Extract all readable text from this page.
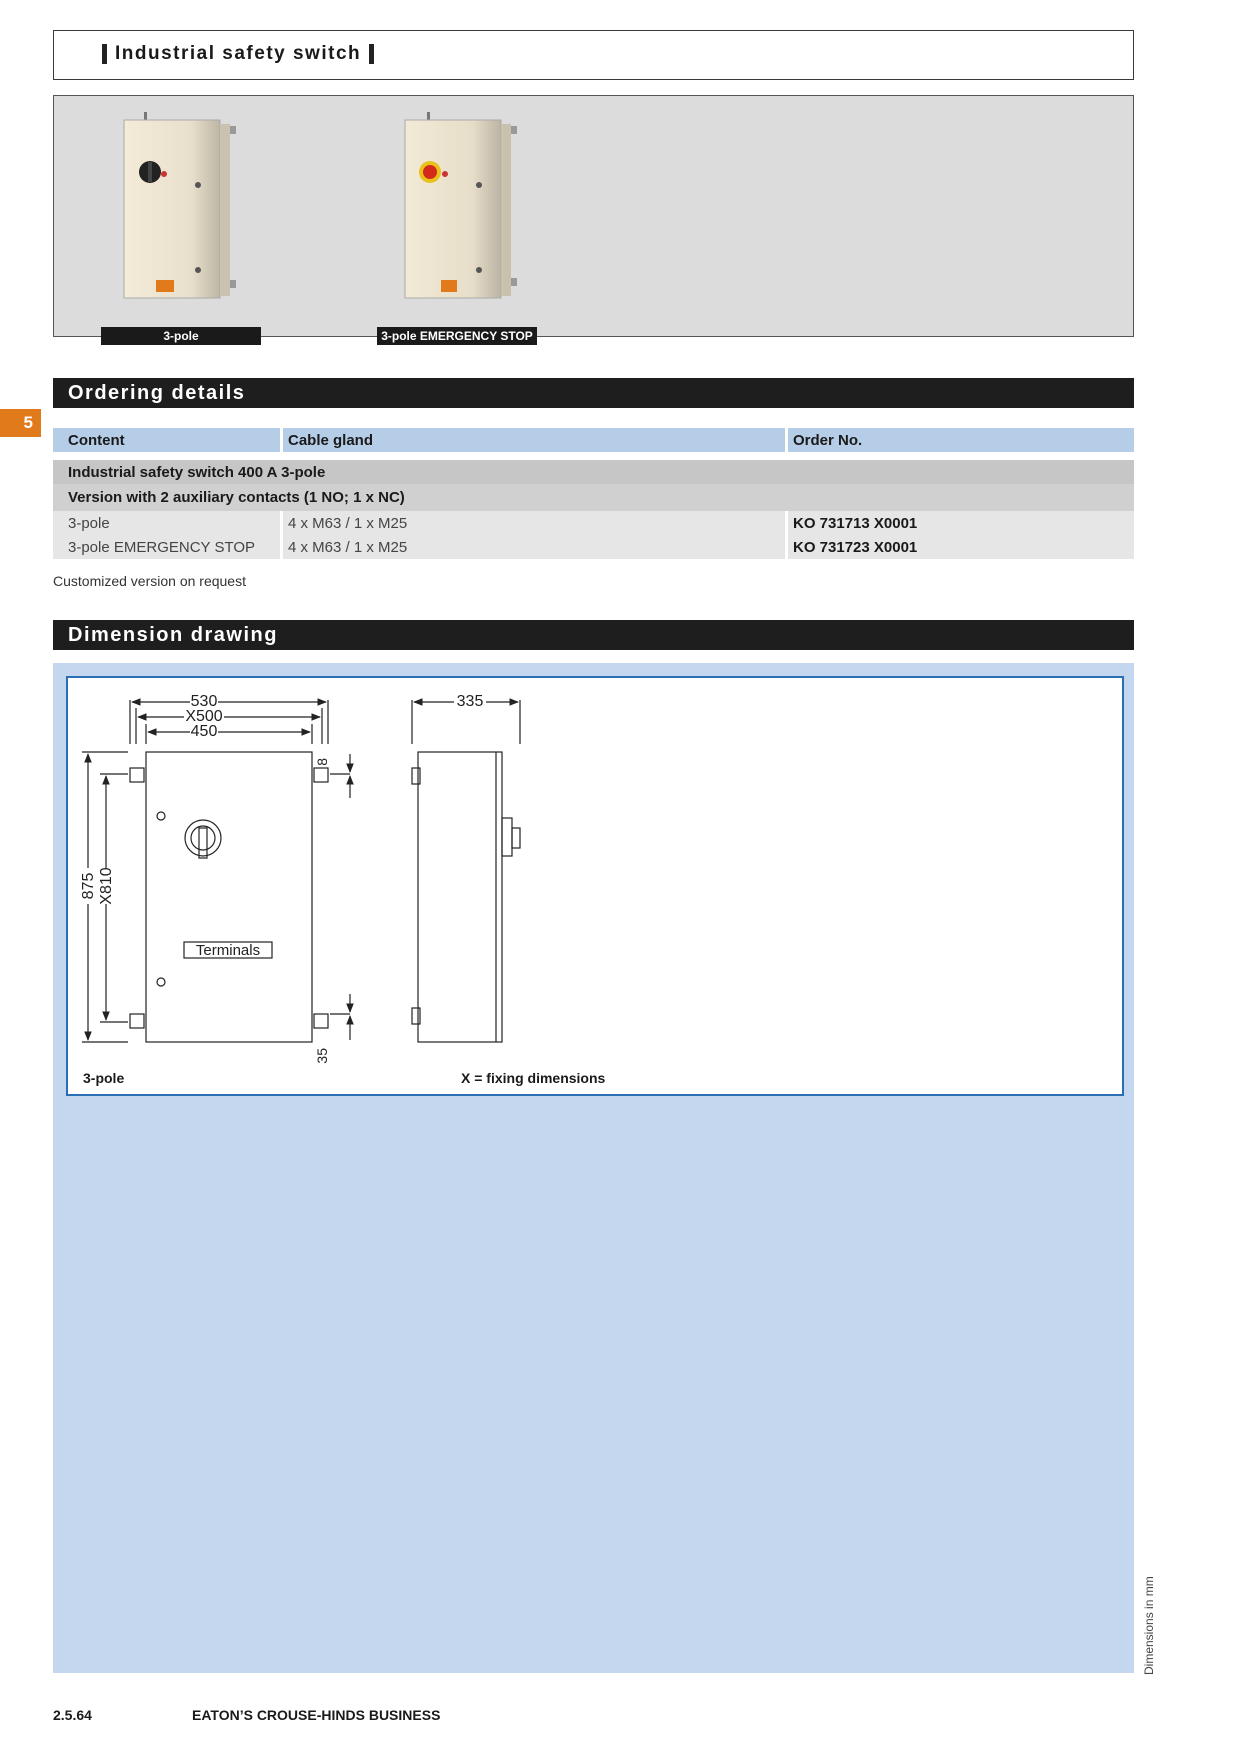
Industrial safety switch
3-pole	3-pole EMERGENCY STOP
Ordering details
5
Content	Cable gland	Order No.
Industrial safety switch 400 A 3-pole
Version with 2 auxiliary contacts (1 NO; 1 x NC)
3-pole	4 x M63 / 1 x M25	KO 731713 X0001
3-pole EMERGENCY STOP	4 x M63 / 1 x M25	KO 731723 X0001
Customized version on request
Dimension drawing
530
X500
450
335
875 X810
8
35
Terminals
3-pole	X = fixing dimensions
Dimensions in mm
2.5.64	EATON’S CROUSE-HINDS BUSINESS
